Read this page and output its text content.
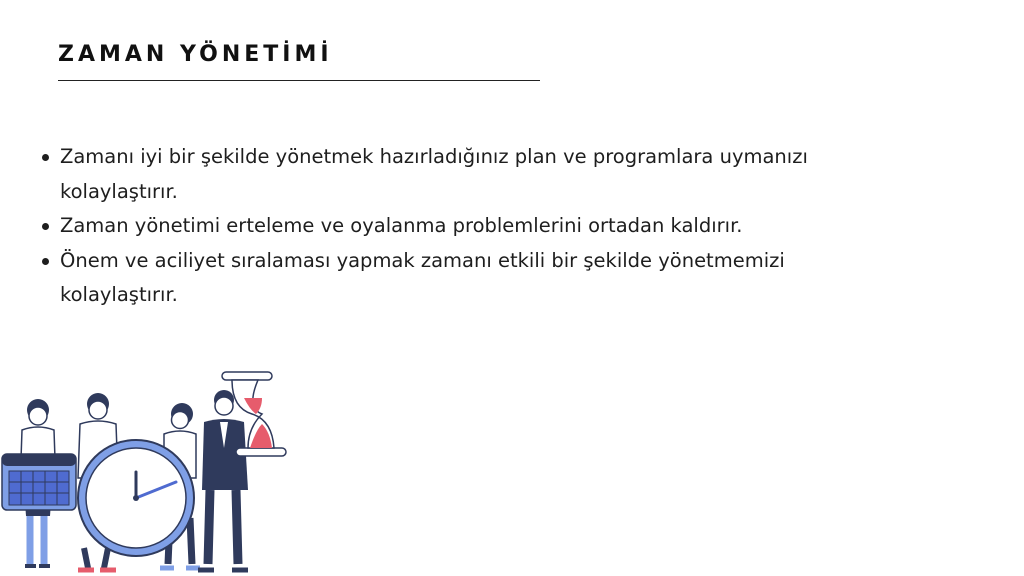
ZAMAN YÖNETİMİ
Zamanı iyi bir şekilde yönetmek hazırladığınız plan ve programlara uymanızı kolaylaştırır.
Zaman yönetimi erteleme ve oyalanma problemlerini ortadan kaldırır.
Önem ve aciliyet sıralaması yapmak zamanı etkili bir şekilde yönetmemizi kolaylaştırır.
